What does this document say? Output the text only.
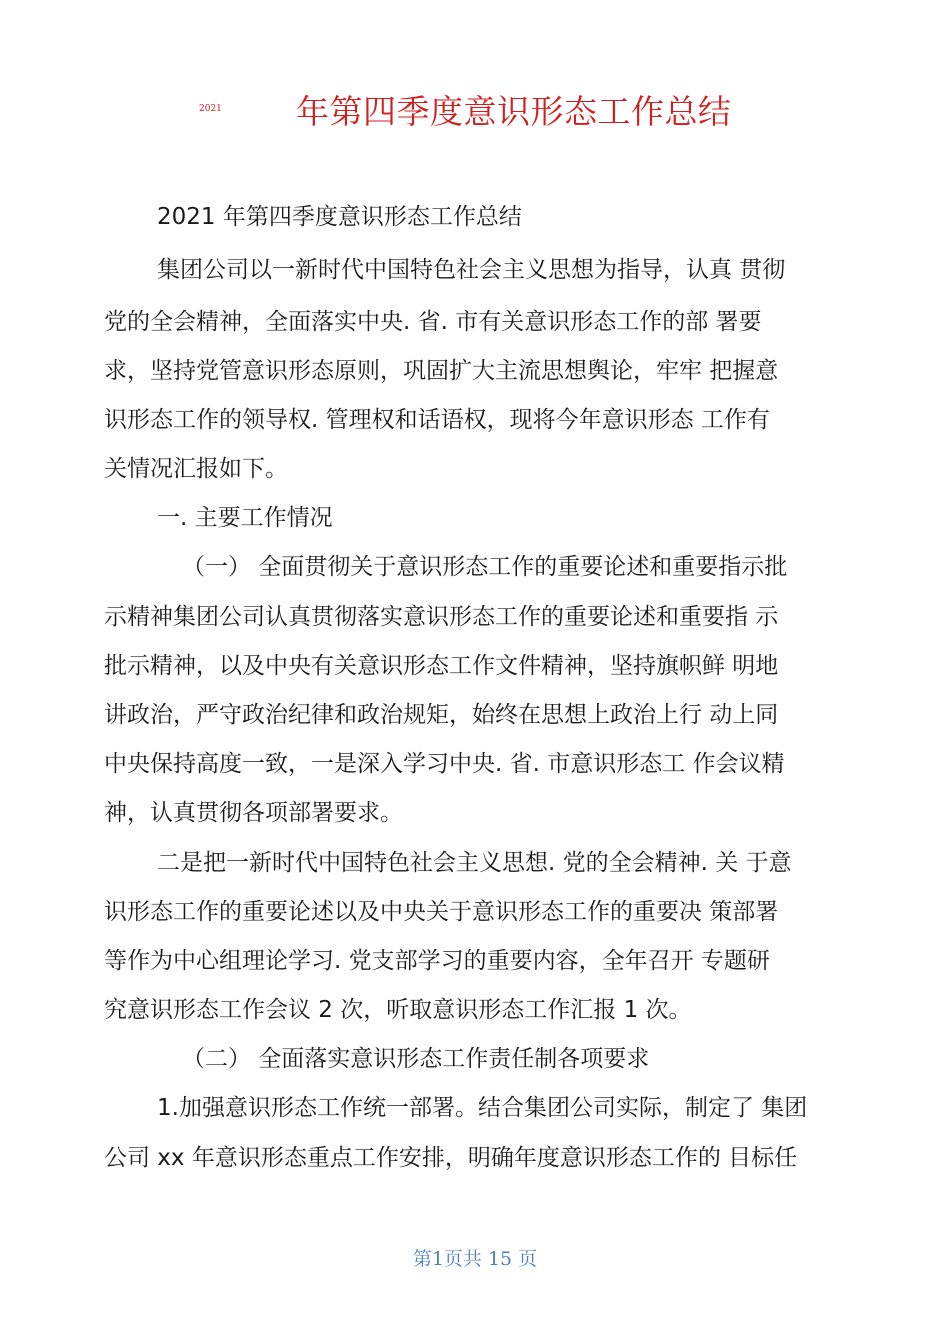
2021 年第四季度意识形态工作总结
2021 年第四季度意识形态工作总结
集团公司以一新时代中国特色社会主义思想为指导，认真 贯彻
党的全会精神，全面落实中央. 省. 市有关意识形态工作的部 署要
求，坚持党管意识形态原则，巩固扩大主流思想舆论，牢牢 把握意
识形态工作的领导权. 管理权和话语权，现将今年意识形态 工作有
关情况汇报如下。
一. 主要工作情况
（一） 全面贯彻关于意识形态工作的重要论述和重要指示批
示精神集团公司认真贯彻落实意识形态工作的重要论述和重要指 示
批示精神，以及中央有关意识形态工作文件精神，坚持旗帜鲜 明地
讲政治，严守政治纪律和政治规矩，始终在思想上政治上行 动上同
中央保持高度一致，一是深入学习中央. 省. 市意识形态工 作会议精
神，认真贯彻各项部署要求。
二是把一新时代中国特色社会主义思想. 党的全会精神. 关 于意
识形态工作的重要论述以及中央关于意识形态工作的重要决 策部署
等作为中心组理论学习. 党支部学习的重要内容，全年召开 专题研
究意识形态工作会议 2 次，听取意识形态工作汇报 1 次。
（二） 全面落实意识形态工作责任制各项要求
1.加强意识形态工作统一部署。结合集团公司实际，制定了 集团
公司 xx 年意识形态重点工作安排，明确年度意识形态工作的 目标任
第1页共 15 页
